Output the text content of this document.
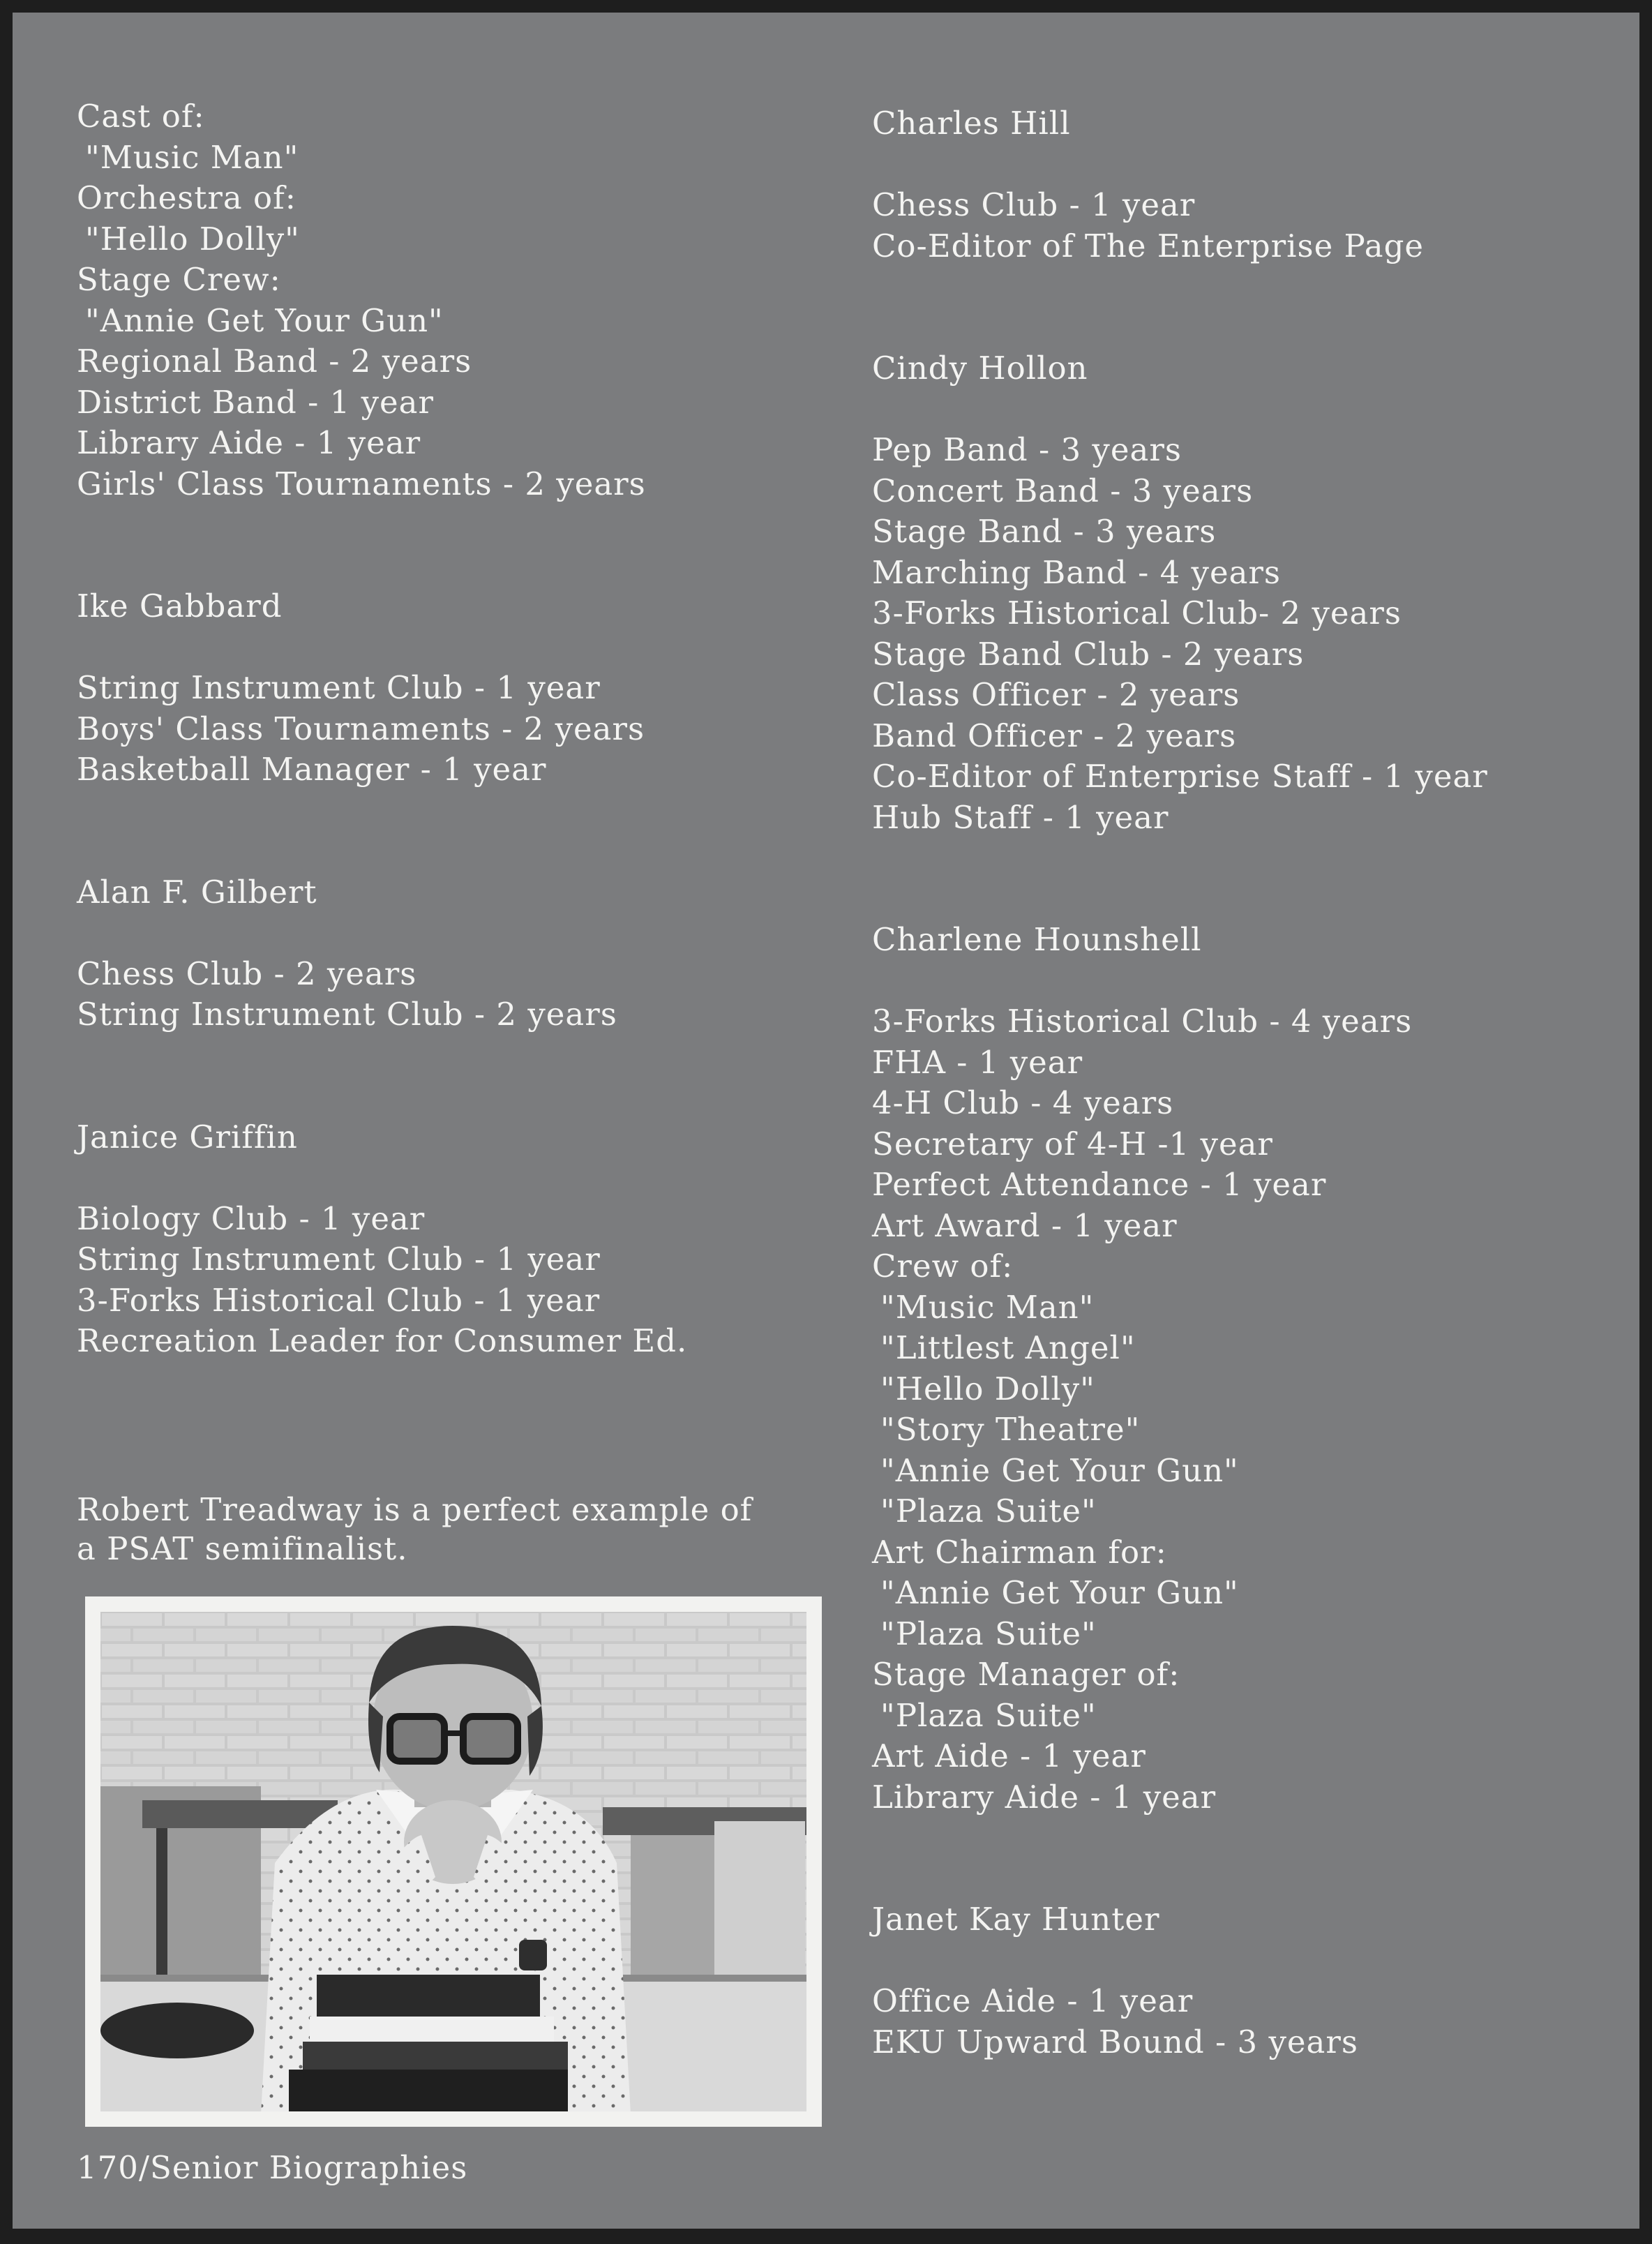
Cast of:
"Music Man"
Orchestra of:
"Hello Dolly"
Stage Crew:
"Annie Get Your Gun"
Regional Band - 2 years
District Band - 1 year
Library Aide - 1 year
Girls' Class Tournaments - 2 years
Ike Gabbard
String Instrument Club - 1 year
Boys' Class Tournaments - 2 years
Basketball Manager - 1 year
Alan F. Gilbert
Chess Club - 2 years
String Instrument Club - 2 years
Janice Griffin
Biology Club - 1 year
String Instrument Club - 1 year
3-Forks Historical Club - 1 year
Recreation Leader for Consumer Ed.
Robert Treadway is a perfect example of
a PSAT semifinalist.
Charles Hill
Chess Club - 1 year
Co-Editor of The Enterprise Page
Cindy Hollon
Pep Band - 3 years
Concert Band - 3 years
Stage Band - 3 years
Marching Band - 4 years
3-Forks Historical Club- 2 years
Stage Band Club - 2 years
Class Officer - 2 years
Band Officer - 2 years
Co-Editor of Enterprise Staff - 1 year
Hub Staff - 1 year
Charlene Hounshell
3-Forks Historical Club - 4 years
FHA - 1 year
4-H Club - 4 years
Secretary of 4-H -1 year
Perfect Attendance - 1 year
Art Award - 1 year
Crew of:
"Music Man"
"Littlest Angel"
"Hello Dolly"
"Story Theatre"
"Annie Get Your Gun"
"Plaza Suite"
Art Chairman for:
"Annie Get Your Gun"
"Plaza Suite"
Stage Manager of:
"Plaza Suite"
Art Aide - 1 year
Library Aide - 1 year
Janet Kay Hunter
Office Aide - 1 year
EKU Upward Bound - 3 years
170/Senior Biographies
